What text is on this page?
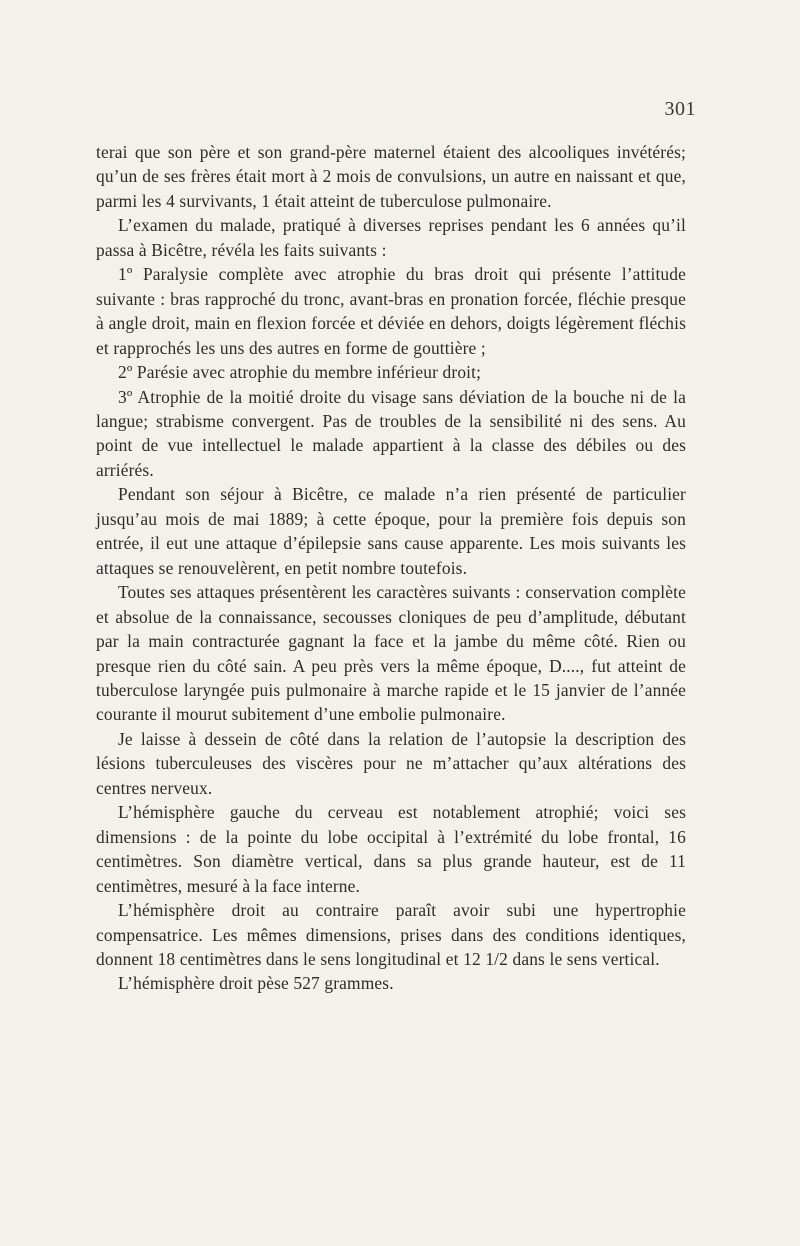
301

terai que son père et son grand-père maternel étaient des alcooliques invétérés; qu’un de ses frères était mort à 2 mois de convulsions, un autre en naissant et que, parmi les 4 survivants, 1 était atteint de tuberculose pulmonaire.

L’examen du malade, pratiqué à diverses reprises pendant les 6 années qu’il passa à Bicêtre, révéla les faits suivants :

1º Paralysie complète avec atrophie du bras droit qui présente l’attitude suivante : bras rapproché du tronc, avant-bras en pronation forcée, fléchie presque à angle droit, main en flexion forcée et déviée en dehors, doigts légèrement fléchis et rapprochés les uns des autres en forme de gouttière ;

2º Parésie avec atrophie du membre inférieur droit;

3º Atrophie de la moitié droite du visage sans déviation de la bouche ni de la langue; strabisme convergent. Pas de troubles de la sensibilité ni des sens. Au point de vue intellectuel le malade appartient à la classe des débiles ou des arriérés.

Pendant son séjour à Bicêtre, ce malade n’a rien présenté de particulier jusqu’au mois de mai 1889; à cette époque, pour la première fois depuis son entrée, il eut une attaque d’épilepsie sans cause apparente. Les mois suivants les attaques se renouvelèrent, en petit nombre toutefois.

Toutes ses attaques présentèrent les caractères suivants : conservation complète et absolue de la connaissance, secousses cloniques de peu d’amplitude, débutant par la main contracturée gagnant la face et la jambe du même côté. Rien ou presque rien du côté sain. A peu près vers la même époque, D...., fut atteint de tuberculose laryngée puis pulmonaire à marche rapide et le 15 janvier de l’année courante il mourut subitement d’une embolie pulmonaire.

Je laisse à dessein de côté dans la relation de l’autopsie la description des lésions tuberculeuses des viscères pour ne m’attacher qu’aux altérations des centres nerveux.

L’hémisphère gauche du cerveau est notablement atrophié; voici ses dimensions : de la pointe du lobe occipital à l’extrémité du lobe frontal, 16 centimètres. Son diamètre vertical, dans sa plus grande hauteur, est de 11 centimètres, mesuré à la face interne.

L’hémisphère droit au contraire paraît avoir subi une hypertrophie compensatrice. Les mêmes dimensions, prises dans des conditions identiques, donnent 18 centimètres dans le sens longitudinal et 12 1/2 dans le sens vertical.

L’hémisphère droit pèse 527 grammes.
